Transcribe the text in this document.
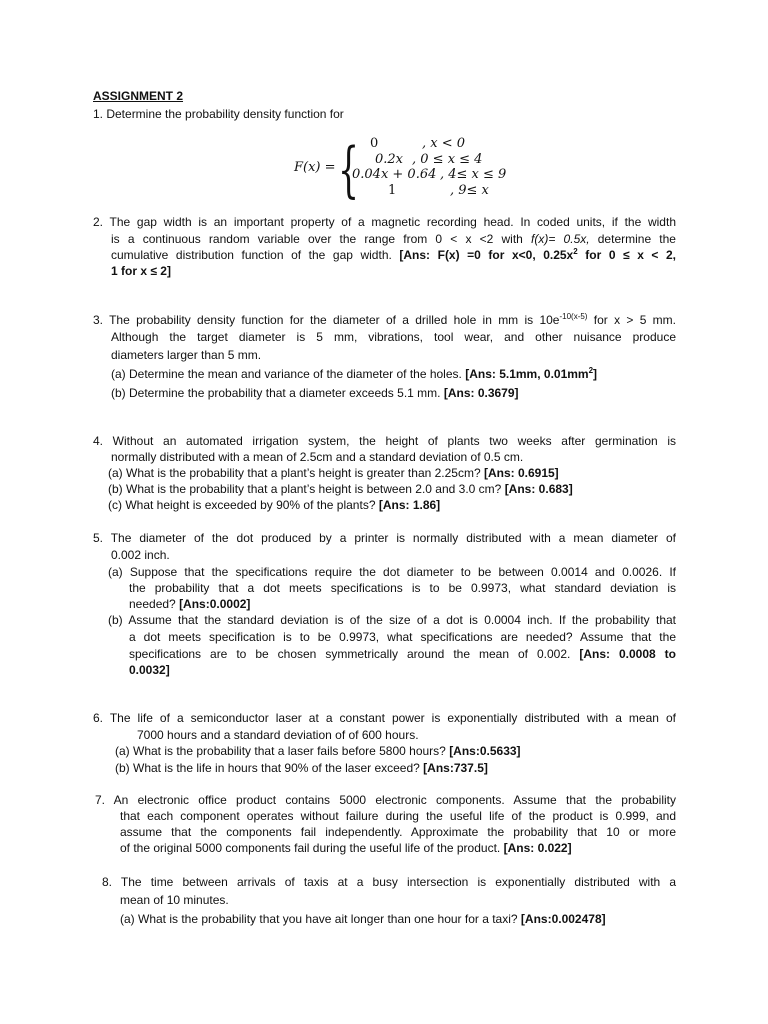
ASSIGNMENT 2
1. Determine the probability density function for
F(x) = { 0	, x < 0
0.2x , 0 ≤ x ≤ 4
0.04x + 0.64 , 4≤ x ≤ 9
1	, 9≤ x
2. The gap width is an important property of a magnetic recording head. In coded units, if the width
is a continuous random variable over the range from 0 < x <2 with f(x)= 0.5x, determine the
cumulative distribution function of the gap width. [Ans: F(x) =0 for x<0, $0.25x^2$ for 0 ≤ x < 2,
1 for x ≤ 2]
3. The probability density function for the diameter of a drilled hole in mm is $10e^{-10(x-5)}$ for x > 5 mm.
Although the target diameter is 5 mm, vibrations, tool wear, and other nuisance produce
diameters larger than 5 mm.
(a) Determine the mean and variance of the diameter of the holes. [Ans: 5.1mm, $0.01mm^2$]
(b) Determine the probability that a diameter exceeds 5.1 mm. [Ans: 0.3679]
4. Without an automated irrigation system, the height of plants two weeks after germination is
normally distributed with a mean of 2.5cm and a standard deviation of 0.5 cm.
(a) What is the probability that a plant’s height is greater than 2.25cm? [Ans: 0.6915]
(b) What is the probability that a plant’s height is between 2.0 and 3.0 cm? [Ans: 0.683]
(c) What height is exceeded by 90% of the plants? [Ans: 1.86]
5. The diameter of the dot produced by a printer is normally distributed with a mean diameter of
0.002 inch.
(a) Suppose that the specifications require the dot diameter to be between 0.0014 and 0.0026. If
the probability that a dot meets specifications is to be 0.9973, what standard deviation is
needed? [Ans:0.0002]
(b) Assume that the standard deviation is of the size of a dot is 0.0004 inch. If the probability that
a dot meets specification is to be 0.9973, what specifications are needed? Assume that the
specifications are to be chosen symmetrically around the mean of 0.002. [Ans: 0.0008 to
0.0032]
6. The life of a semiconductor laser at a constant power is exponentially distributed with a mean of
7000 hours and a standard deviation of of 600 hours.
(a) What is the probability that a laser fails before 5800 hours? [Ans:0.5633]
(b) What is the life in hours that 90% of the laser exceed? [Ans:737.5]
7. An electronic office product contains 5000 electronic components. Assume that the probability
that each component operates without failure during the useful life of the product is 0.999, and
assume that the components fail independently. Approximate the probability that 10 or more
of the original 5000 components fail during the useful life of the product. [Ans: 0.022]
8. The time between arrivals of taxis at a busy intersection is exponentially distributed with a
mean of 10 minutes.
(a) What is the probability that you have ait longer than one hour for a taxi? [Ans:0.002478]
